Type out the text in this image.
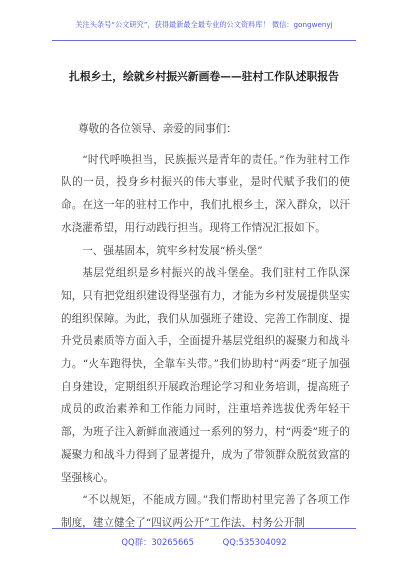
关注头条号“公文研究”，获得最新最全最专业的公文资料库！ 微信：gongwenyj
扎根乡土，绘就乡村振兴新画卷——驻村工作队述职报告

尊敬的各位领导、亲爱的同事们：

“时代呼唤担当，民族振兴是青年的责任。”作为驻村工作队的一员，投身乡村振兴的伟大事业，是时代赋予我们的使命。在这一年的驻村工作中，我们扎根乡土，深入群众，以汗水浇灌希望，用行动践行担当。现将工作情况汇报如下。

一、强基固本，筑牢乡村发展“桥头堡”

基层党组织是乡村振兴的战斗堡垒。我们驻村工作队深知，只有把党组织建设得坚强有力，才能为乡村发展提供坚实的组织保障。为此，我们从加强班子建设、完善工作制度、提升党员素质等方面入手，全面提升基层党组织的凝聚力和战斗力。“火车跑得快，全靠车头带。”我们协助村“两委”班子加强自身建设，定期组织开展政治理论学习和业务培训，提高班子成员的政治素养和工作能力同时，注重培养选拔优秀年轻干部，为班子注入新鲜血液通过一系列的努力，村“两委”班子的凝聚力和战斗力得到了显著提升，成为了带领群众脱贫致富的坚强核心。

“不以规矩，不能成方圆。”我们帮助村里完善了各项工作制度，建立健全了“四议两公开”工作法、村务公开制

QQ群：30265665	QQ:535304092
